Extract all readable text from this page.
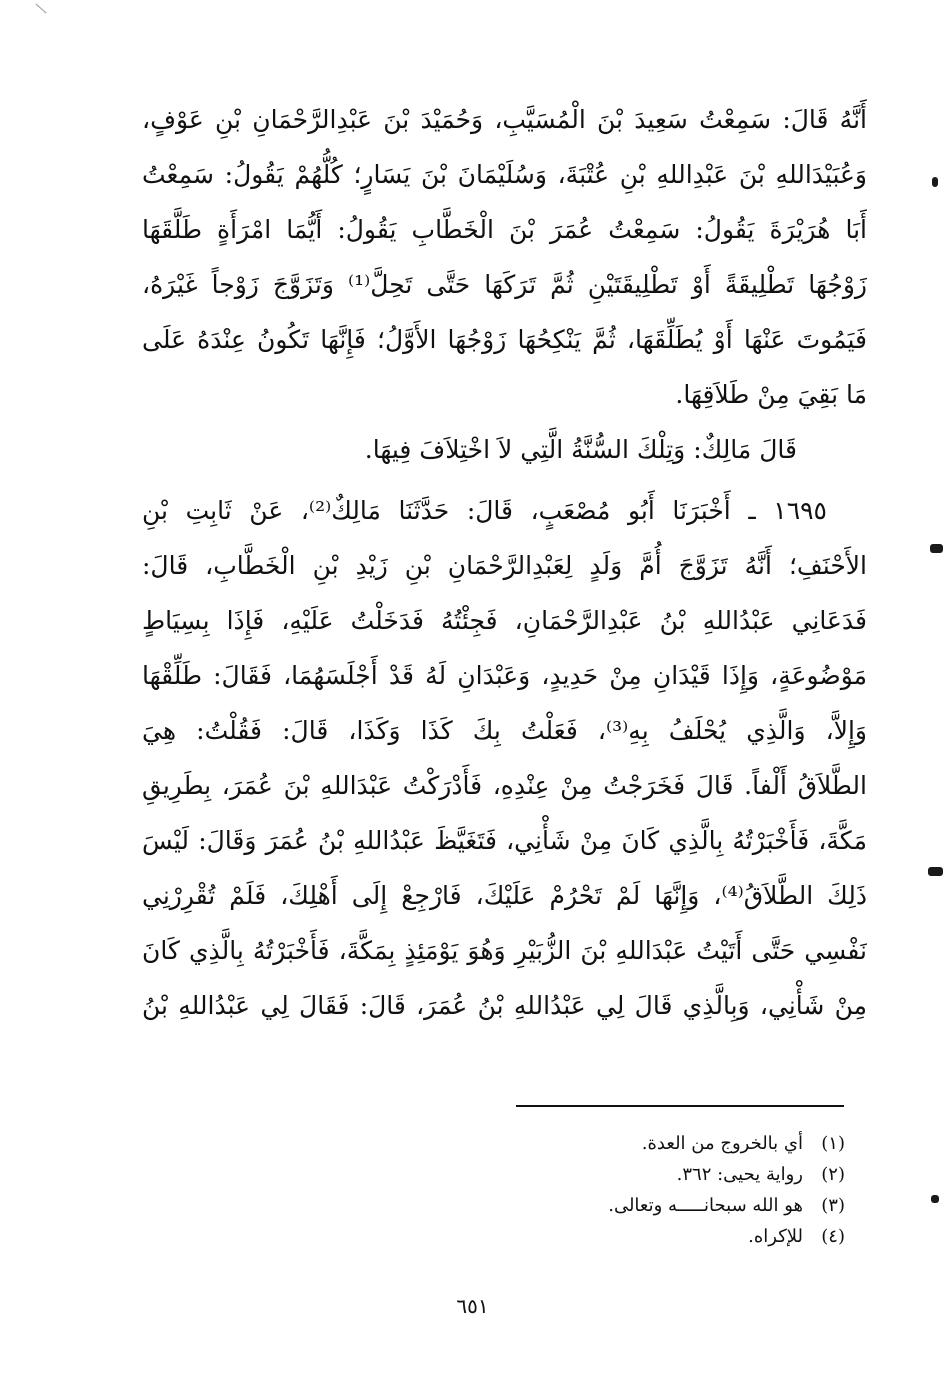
أَنَّهُ قَالَ: سَمِعْتُ سَعِيدَ بْنَ الْمُسَيَّبِ، وَحُمَيْدَ بْنَ عَبْدِالرَّحْمَانِ بْنِ عَوْفٍ،
وَعُبَيْدَاللهِ بْنَ عَبْدِاللهِ بْنِ عُتْبَةَ، وَسُلَيْمَانَ بْنَ يَسَارٍ؛ كُلُّهُمْ يَقُولُ: سَمِعْتُ
أَبَا هُرَيْرَةَ يَقُولُ: سَمِعْتُ عُمَرَ بْنَ الْخَطَّابِ يَقُولُ: أَيُّمَا امْرَأَةٍ طَلَّقَهَا
زَوْجُهَا تَطْلِيقَةً أَوْ تَطْلِيقَتَيْنِ ثُمَّ تَرَكَهَا حَتَّى تَحِلَّ⁽¹⁾ وَتَزَوَّجَ زَوْجاً غَيْرَهُ،
فَيَمُوتَ عَنْهَا أَوْ يُطَلِّقَهَا، ثُمَّ يَنْكِحُهَا زَوْجُهَا الأَوَّلُ؛ فَإِنَّهَا تَكُونُ عِنْدَهُ عَلَى
مَا بَقِيَ مِنْ طَلاَقِهَا.
قَالَ مَالِكٌ: وَتِلْكَ السُّنَّةُ الَّتِي لاَ اخْتِلاَفَ فِيهَا.
١٦٩٥ ـ أَخْبَرَنَا أَبُو مُصْعَبٍ، قَالَ: حَدَّثَنَا مَالِكٌ⁽²⁾، عَنْ ثَابِتِ بْنِ
الأَحْنَفِ؛ أَنَّهُ تَزَوَّجَ أُمَّ وَلَدٍ لِعَبْدِالرَّحْمَانِ بْنِ زَيْدِ بْنِ الْخَطَّابِ، قَالَ:
فَدَعَانِي عَبْدُاللهِ بْنُ عَبْدِالرَّحْمَانِ، فَجِئْتُهُ فَدَخَلْتُ عَلَيْهِ، فَإِذَا بِسِيَاطٍ
مَوْضُوعَةٍ، وَإِذَا قَيْدَانِ مِنْ حَدِيدٍ، وَعَبْدَانِ لَهُ قَدْ أَجْلَسَهُمَا، فَقَالَ: طَلِّقْهَا
وَإِلاَّ، وَالَّذِي يُحْلَفُ بِهِ⁽³⁾، فَعَلْتُ بِكَ كَذَا وَكَذَا، قَالَ: فَقُلْتُ: هِيَ
الطَّلاَقُ أَلْفاً. قَالَ فَخَرَجْتُ مِنْ عِنْدِهِ، فَأَدْرَكْتُ عَبْدَاللهِ بْنَ عُمَرَ، بِطَرِيقِ
مَكَّةَ، فَأَخْبَرْتُهُ بِالَّذِي كَانَ مِنْ شَأْنِي، فَتَغَيَّظَ عَبْدُاللهِ بْنُ عُمَرَ وَقَالَ: لَيْسَ
ذَلِكَ الطَّلاَقُ⁽⁴⁾، وَإِنَّهَا لَمْ تَحْرُمْ عَلَيْكَ، فَارْجِعْ إِلَى أَهْلِكَ، فَلَمْ تُقْرِرْنِي
نَفْسِي حَتَّى أَتَيْتُ عَبْدَاللهِ بْنَ الزُّبَيْرِ وَهُوَ يَوْمَئِذٍ بِمَكَّةَ، فَأَخْبَرْتُهُ بِالَّذِي كَانَ
مِنْ شَأْنِي، وَبِالَّذِي قَالَ لِي عَبْدُاللهِ بْنُ عُمَرَ، قَالَ: فَقَالَ لِي عَبْدُاللهِ بْنُ
(١)أي بالخروج من العدة.
(٢)رواية يحيى: ٣٦٢.
(٣)هو الله سبحانـــــه وتعالى.
(٤)للإكراه.
٦٥١
